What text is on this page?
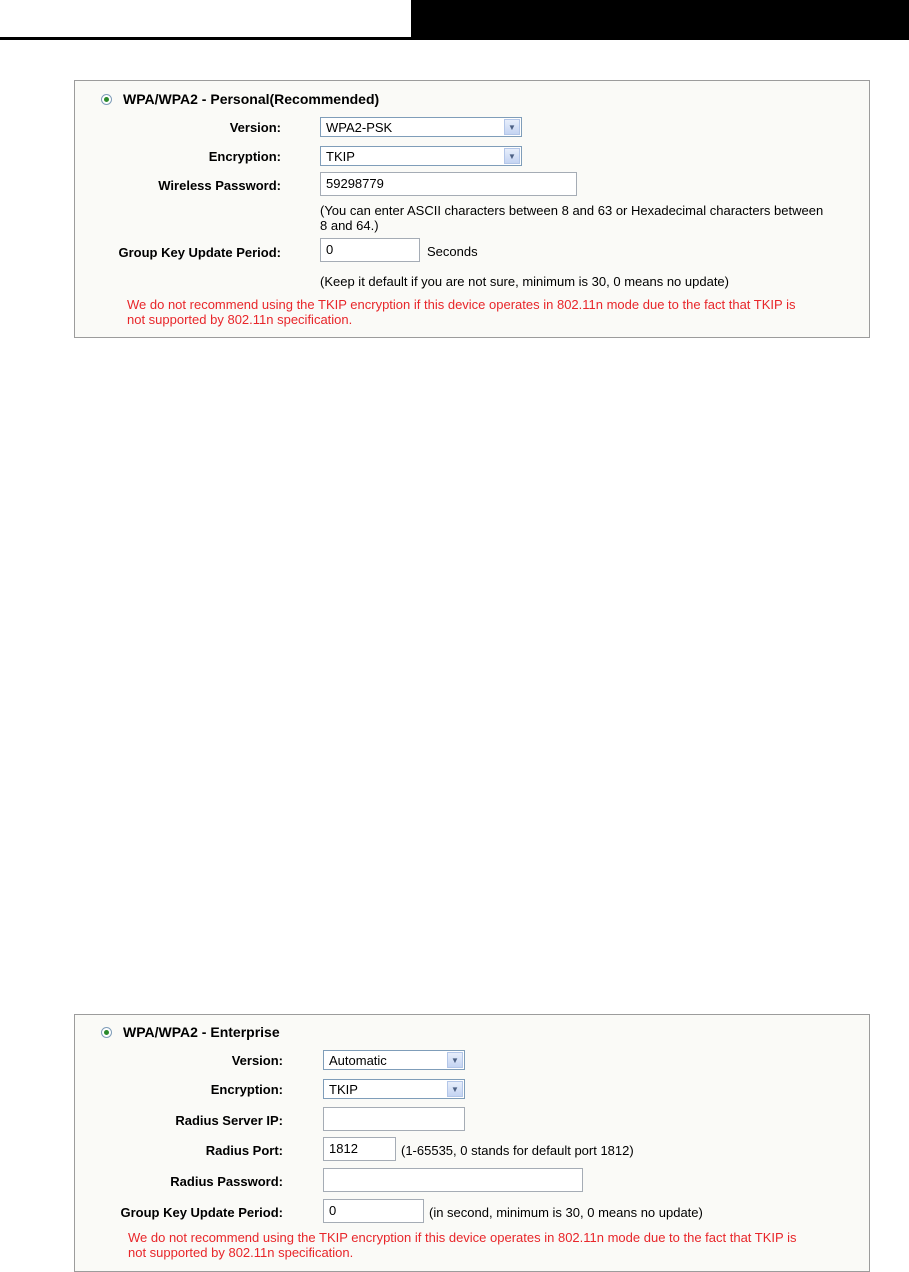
WPA/WPA2 - Personal(Recommended)
Version:	WPA2-PSK	▼
Encryption:	TKIP	▼
Wireless Password:	59298779
(You can enter ASCII characters between 8 and 63 or Hexadecimal characters between
8 and 64.)
Group Key Update Period:	0	Seconds
(Keep it default if you are not sure, minimum is 30, 0 means no update)
We do not recommend using the TKIP encryption if this device operates in 802.11n mode due to the fact that TKIP is
not supported by 802.11n specification.
WPA/WPA2 - Enterprise
Version:	Automatic	▼
Encryption:	TKIP	▼
Radius Server IP:
Radius Port:	1812	(1-65535, 0 stands for default port 1812)
Radius Password:
Group Key Update Period:	0	(in second, minimum is 30, 0 means no update)
We do not recommend using the TKIP encryption if this device operates in 802.11n mode due to the fact that TKIP is
not supported by 802.11n specification.
